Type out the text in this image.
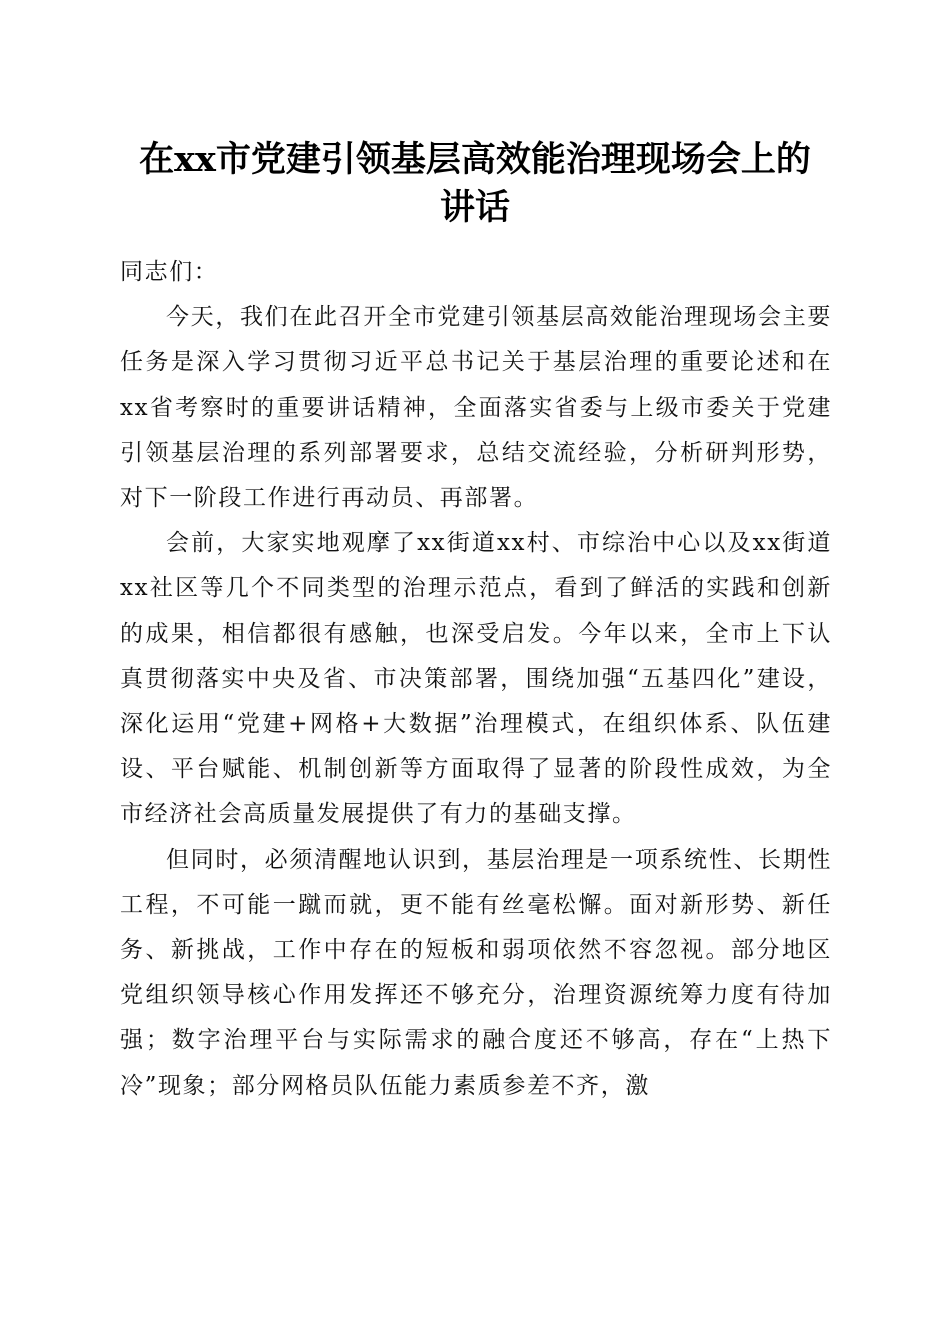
在xx市党建引领基层高效能治理现场会上的
讲话

同志们：

今天，我们在此召开全市党建引领基层高效能治理现场会主要任务是深入学习贯彻习近平总书记关于基层治理的重要论述和在xx省考察时的重要讲话精神，全面落实省委与上级市委关于党建引领基层治理的系列部署要求，总结交流经验，分析研判形势，对下一阶段工作进行再动员、再部署。

会前，大家实地观摩了xx街道xx村、市综治中心以及xx街道xx社区等几个不同类型的治理示范点，看到了鲜活的实践和创新的成果，相信都很有感触，也深受启发。今年以来，全市上下认真贯彻落实中央及省、市决策部署，围绕加强“五基四化”建设，深化运用“党建+网格+大数据”治理模式，在组织体系、队伍建设、平台赋能、机制创新等方面取得了显著的阶段性成效，为全市经济社会高质量发展提供了有力的基础支撑。

但同时，必须清醒地认识到，基层治理是一项系统性、长期性工程，不可能一蹴而就，更不能有丝毫松懈。面对新形势、新任务、新挑战，工作中存在的短板和弱项依然不容忽视。部分地区党组织领导核心作用发挥还不够充分，治理资源统筹力度有待加强；数字治理平台与实际需求的融合度还不够高，存在“上热下冷”现象；部分网格员队伍能力素质参差不齐，激
